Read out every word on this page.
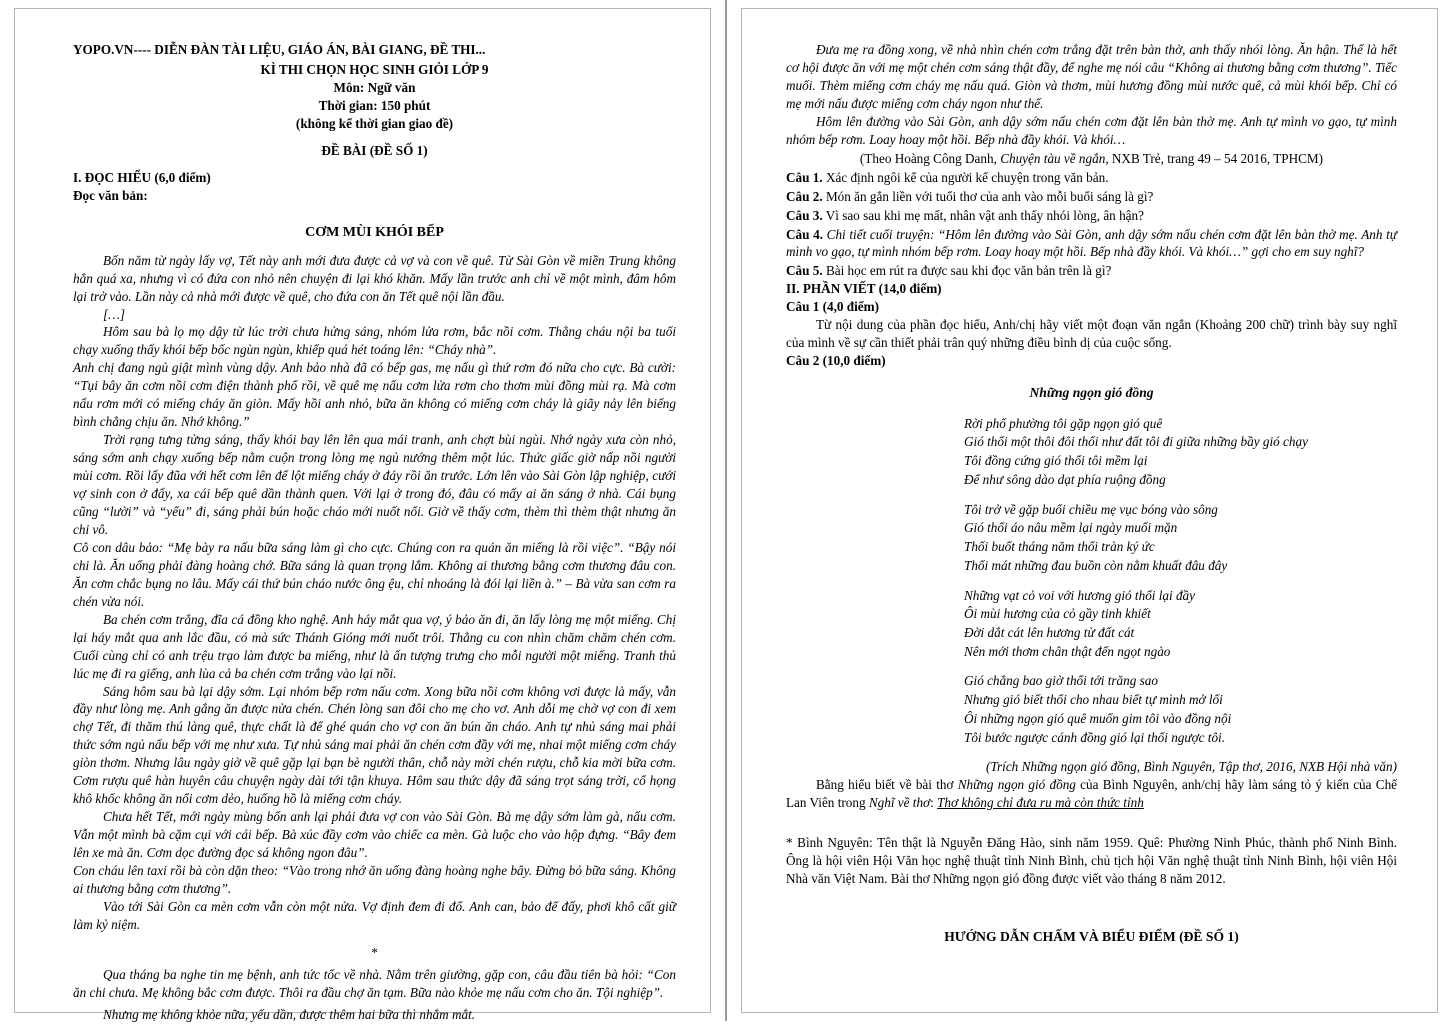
YOPO.VN---- DIỄN ĐÀN TÀI LIỆU, GIÁO ÁN, BÀI GIANG, ĐỀ THI...

KÌ THI CHỌN HỌC SINH GIỎI LỚP 9

Môn: Ngữ văn

Thời gian: 150 phút

(không kể thời gian giao đề)

ĐỀ BÀI (ĐỀ SỐ 1)

I. ĐỌC HIỂU (6,0 điểm)

Đọc văn bản:

CƠM MÙI KHÓI BẾP

Bốn năm từ ngày lấy vợ, Tết này anh mới đưa được cả vợ và con về quê. Từ Sài Gòn về miền Trung không hẳn quá xa, nhưng vì có đứa con nhỏ nên chuyện đi lại khó khăn. Mấy lần trước anh chỉ về một mình, đâm hôm lại trở vào. Lần này cả nhà mới được về quê, cho đứa con ăn Tết quê nội lần đầu.

[…]

Hôm sau bà lọ mọ dậy từ lúc trời chưa hửng sáng, nhóm lửa rơm, bắc nồi cơm. Thằng cháu nội ba tuổi chạy xuống thấy khói bếp bốc ngùn ngùn, khiếp quá hét toáng lên: “Cháy nhà”.

Anh chị đang ngủ giật mình vùng dậy. Anh bảo nhà đã có bếp gas, mẹ nấu gì thứ rơm đó nữa cho cực. Bà cười: “Tụi bây ăn cơm nồi cơm điện thành phố rồi, về quê mẹ nấu cơm lửa rơm cho thơm mùi đồng mùi rạ. Mà cơm nấu rơm mới có miếng cháy ăn giòn. Mấy hồi anh nhỏ, bữa ăn không có miếng cơm cháy là giãy nảy lên biếng bình chẳng chịu ăn. Nhớ không.”

Trời rạng tưng tửng sáng, thấy khói bay lên lên qua mái tranh, anh chợt bùi ngùi. Nhớ ngày xưa còn nhỏ, sáng sớm anh chạy xuống bếp nằm cuộn trong lòng mẹ ngủ nướng thêm một lúc. Thức giấc giờ nấp nồi người mùi cơm. Rồi lấy đũa với hết cơm lên để lột miếng cháy ở đáy rồi ăn trước. Lớn lên vào Sài Gòn lập nghiệp, cưới vợ sinh con ở đấy, xa cái bếp quê dần thành quen. Với lại ở trong đó, đâu có mấy ai ăn sáng ở nhà. Cái bụng cũng “lười” và “yếu” đi, sáng phải bún hoặc cháo mới nuốt nổi. Giờ về thấy cơm, thèm thì thèm thật nhưng ăn chi vô.

Cô con dâu bảo: “Mẹ bày ra nấu bữa sáng làm gì cho cực. Chúng con ra quán ăn miếng là rồi việc”. “Bậy nói chi là. Ăn uống phải đàng hoàng chớ. Bữa sáng là quan trọng lắm. Không ai thương bằng cơm thương đâu con. Ăn cơm chắc bụng no lâu. Mấy cái thứ bún cháo nước ông ệu, chỉ nhoáng là đói lại liền à.” – Bà vừa san cơm ra chén vừa nói.

Ba chén cơm trắng, đĩa cá đồng kho nghệ. Anh háy mắt qua vợ, ý bảo ăn đi, ăn lấy lòng mẹ một miếng. Chị lại háy mắt qua anh lắc đầu, có mà sức Thánh Gióng mới nuốt trôi. Thằng cu con nhìn chăm chăm chén cơm. Cuối cùng chỉ có anh trệu trạo làm được ba miếng, như là ấn tượng trưng cho mỗi người một miếng. Tranh thủ lúc mẹ đi ra giếng, anh lùa cả ba chén cơm trắng vào lại nồi.

Sáng hôm sau bà lại dậy sớm. Lại nhóm bếp rơm nấu cơm. Xong bữa nồi cơm không vơi được là mấy, vẫn đầy như lòng mẹ. Anh gắng ăn được nửa chén. Chén lòng san đôi cho mẹ cho vơ. Anh dỗi mẹ chờ vợ con đi xem chợ Tết, đi thăm thú làng quê, thực chất là để ghé quán cho vợ con ăn bún ăn cháo. Anh tự nhủ sáng mai phải thức sớm ngủ nấu bếp với mẹ như xưa. Tự nhủ sáng mai phải ăn chén cơm đầy với mẹ, nhai một miếng cơm cháy giòn thơm. Nhưng lâu ngày giờ về quê gặp lại bạn bè người thân, chỗ này mời chén rượu, chỗ kia mời bữa cơm. Cơm rượu quê hàn huyên câu chuyện ngày dài tới tận khuya. Hôm sau thức dậy đã sáng trọt sáng trời, cổ họng khô khốc không ăn nổi cơm dẻo, huống hồ là miếng cơm cháy.

Chưa hết Tết, mới ngày mùng bốn anh lại phải đưa vợ con vào Sài Gòn. Bà mẹ dậy sớm làm gà, nấu cơm. Vẫn một mình bà cặm cụi với cái bếp. Bà xúc đầy cơm vào chiếc ca mèn. Gà luộc cho vào hộp đựng. “Bây đem lên xe mà ăn. Cơm dọc đường đọc sá không ngon đâu”.

Con cháu lên taxi rồi bà còn dặn theo: “Vào trong nhớ ăn uống đàng hoàng nghe bây. Đừng bỏ bữa sáng. Không ai thương bằng cơm thương”.

Vào tới Sài Gòn ca mèn cơm vẫn còn một nửa. Vợ định đem đi đổ. Anh can, bảo để đấy, phơi khô cất giữ làm kỷ niệm.

*

Qua tháng ba nghe tin mẹ bệnh, anh tức tốc về nhà. Nằm trên giường, gặp con, câu đầu tiên bà hỏi: “Con ăn chi chưa. Mẹ không bắc cơm được. Thôi ra đầu chợ ăn tạm. Bữa nào khỏe mẹ nấu cơm cho ăn. Tội nghiệp”.

Nhưng mẹ không khỏe nữa, yếu dần, được thêm hai bữa thì nhắm mắt.

Đưa mẹ ra đồng xong, về nhà nhìn chén cơm trắng đặt trên bàn thờ, anh thấy nhói lòng. Ăn hận. Thế là hết cơ hội được ăn với mẹ một chén cơm sáng thật đầy, để nghe mẹ nói câu “Không ai thương bằng cơm thương”. Tiếc muối. Thèm miếng cơm cháy mẹ nấu quá. Giòn và thơm, mùi hương đồng mùi nước quê, cả mùi khói bếp. Chỉ có mẹ mới nấu được miếng cơm cháy ngon như thế.

Hôm lên đường vào Sài Gòn, anh dậy sớm nấu chén cơm đặt lên bàn thờ mẹ. Anh tự mình vo gạo, tự mình nhóm bếp rơm. Loay hoay một hồi. Bếp nhà đầy khói. Và khói…

(Theo Hoàng Công Danh, Chuyện tàu về ngắn, NXB Trẻ, trang 49 – 54 2016, TPHCM)

Câu 1. Xác định ngôi kể của người kể chuyện trong văn bản.

Câu 2. Món ăn gắn liền với tuổi thơ của anh vào mỗi buổi sáng là gì?

Câu 3. Vì sao sau khi mẹ mất, nhân vật anh thấy nhói lòng, ân hận?

Câu 4. Chi tiết cuối truyện: “Hôm lên đường vào Sài Gòn, anh dậy sớm nấu chén cơm đặt lên bàn thờ mẹ. Anh tự mình vo gạo, tự mình nhóm bếp rơm. Loay hoay một hồi. Bếp nhà đầy khói. Và khói…” gợi cho em suy nghĩ?

Câu 5. Bài học em rút ra được sau khi đọc văn bản trên là gì?

II. PHẦN VIẾT (14,0 điểm)

Câu 1 (4,0 điểm)

Từ nội dung của phần đọc hiểu, Anh/chị hãy viết một đoạn văn ngắn (Khoảng 200 chữ) trình bày suy nghĩ của mình về sự cần thiết phải trân quý những điều bình dị của cuộc sống.

Câu 2 (10,0 điểm)

Những ngọn gió đồng

Rời phố phường tôi gặp ngọn gió quê

Gió thổi một thôi đôi thổi như đất tôi đi giữa những bầy gió chạy

Tôi đồng cứng gió thổi tôi mềm lại

Để như sông dào dạt phía ruộng đồng

Tôi trở về gặp buổi chiều mẹ vục bóng vào sông

Gió thổi áo nâu mềm lại ngày muối mặn

Thổi buốt tháng năm thổi tràn ký ức

Thổi mát những đau buồn còn nằm khuất đâu đây

Những vạt cỏ voi với hương gió thổi lại đầy

Ôi mùi hương của cỏ gầy tinh khiết

Đời dắt cát lên hương từ đất cát

Nên mới thơm chân thật đến ngọt ngào

Gió chẳng bao giờ thổi tới trăng sao

Nhưng gió biết thổi cho nhau biết tự mình mở lối

Ôi những ngọn gió quê muốn gim tôi vào đồng nội

Tôi bước ngược cánh đồng gió lại thổi ngược tôi.

(Trích Những ngọn gió đồng, Bình Nguyên, Tập thơ, 2016, NXB Hội nhà văn)

Bằng hiểu biết về bài thơ Những ngọn gió đồng của Bình Nguyên, anh/chị hãy làm sáng tỏ ý kiến của Chế Lan Viên trong Nghĩ về thơ: Thơ không chỉ đưa ru mà còn thức tỉnh

* Bình Nguyên: Tên thật là Nguyễn Đăng Hào, sinh năm 1959. Quê: Phường Ninh Phúc, thành phố Ninh Bình. Ông là hội viên Hội Văn học nghệ thuật tỉnh Ninh Bình, chủ tịch hội Văn nghệ thuật tỉnh Ninh Bình, hội viên Hội Nhà văn Việt Nam. Bài thơ Những ngọn gió đồng được viết vào tháng 8 năm 2012.

HƯỚNG DẪN CHẤM VÀ BIỂU ĐIỂM (ĐỀ SỐ 1)
